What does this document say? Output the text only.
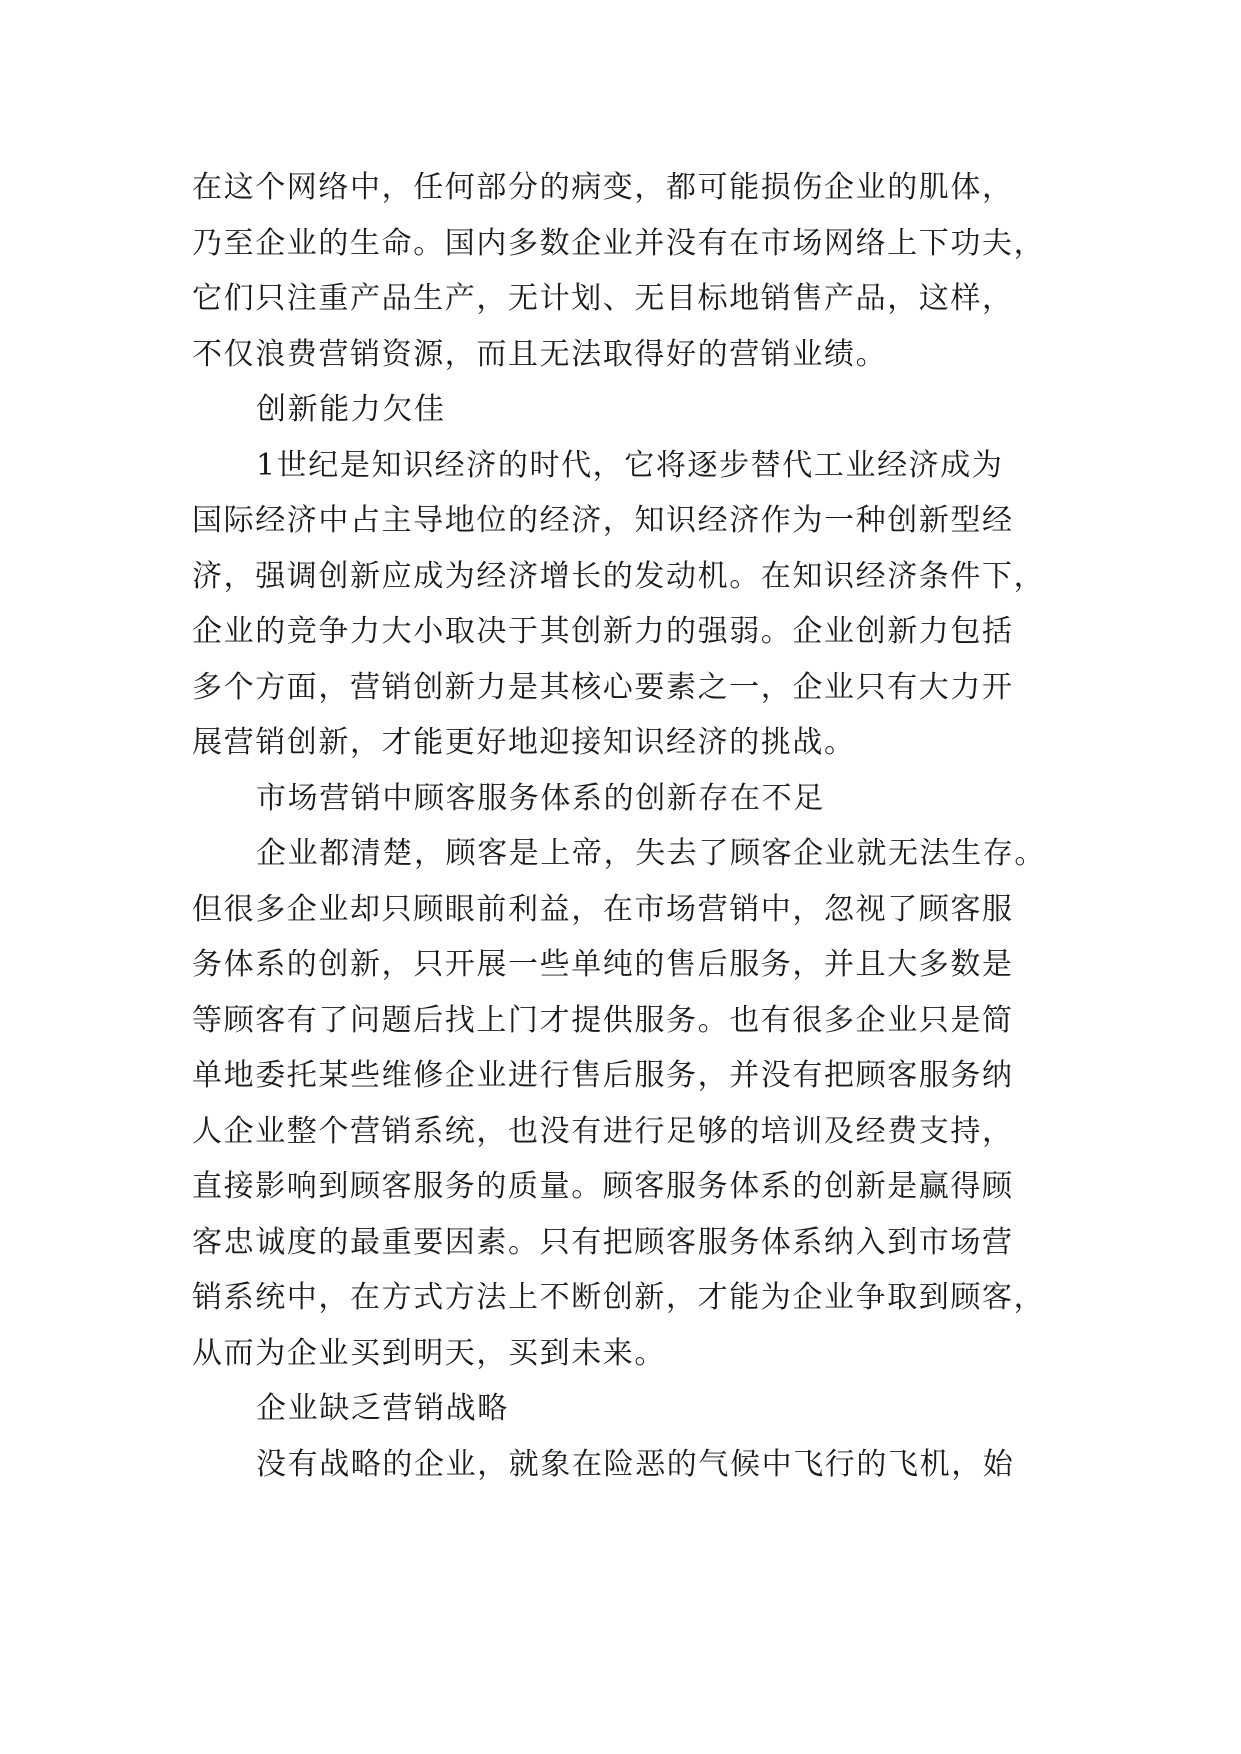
在这个网络中，任何部分的病变，都可能损伤企业的肌体，
乃至企业的生命。国内多数企业并没有在市场网络上下功夫，
它们只注重产品生产，无计划、无目标地销售产品，这样，
不仅浪费营销资源，而且无法取得好的营销业绩。
创新能力欠佳
1世纪是知识经济的时代，它将逐步替代工业经济成为
国际经济中占主导地位的经济，知识经济作为一种创新型经
济，强调创新应成为经济增长的发动机。在知识经济条件下，
企业的竞争力大小取决于其创新力的强弱。企业创新力包括
多个方面，营销创新力是其核心要素之一，企业只有大力开
展营销创新，才能更好地迎接知识经济的挑战。
市场营销中顾客服务体系的创新存在不足
企业都清楚，顾客是上帝，失去了顾客企业就无法生存。
但很多企业却只顾眼前利益，在市场营销中，忽视了顾客服
务体系的创新，只开展一些单纯的售后服务，并且大多数是
等顾客有了问题后找上门才提供服务。也有很多企业只是简
单地委托某些维修企业进行售后服务，并没有把顾客服务纳
人企业整个营销系统，也没有进行足够的培训及经费支持，
直接影响到顾客服务的质量。顾客服务体系的创新是赢得顾
客忠诚度的最重要因素。只有把顾客服务体系纳入到市场营
销系统中，在方式方法上不断创新，才能为企业争取到顾客，
从而为企业买到明天，买到未来。
企业缺乏营销战略
没有战略的企业，就象在险恶的气候中飞行的飞机，始
